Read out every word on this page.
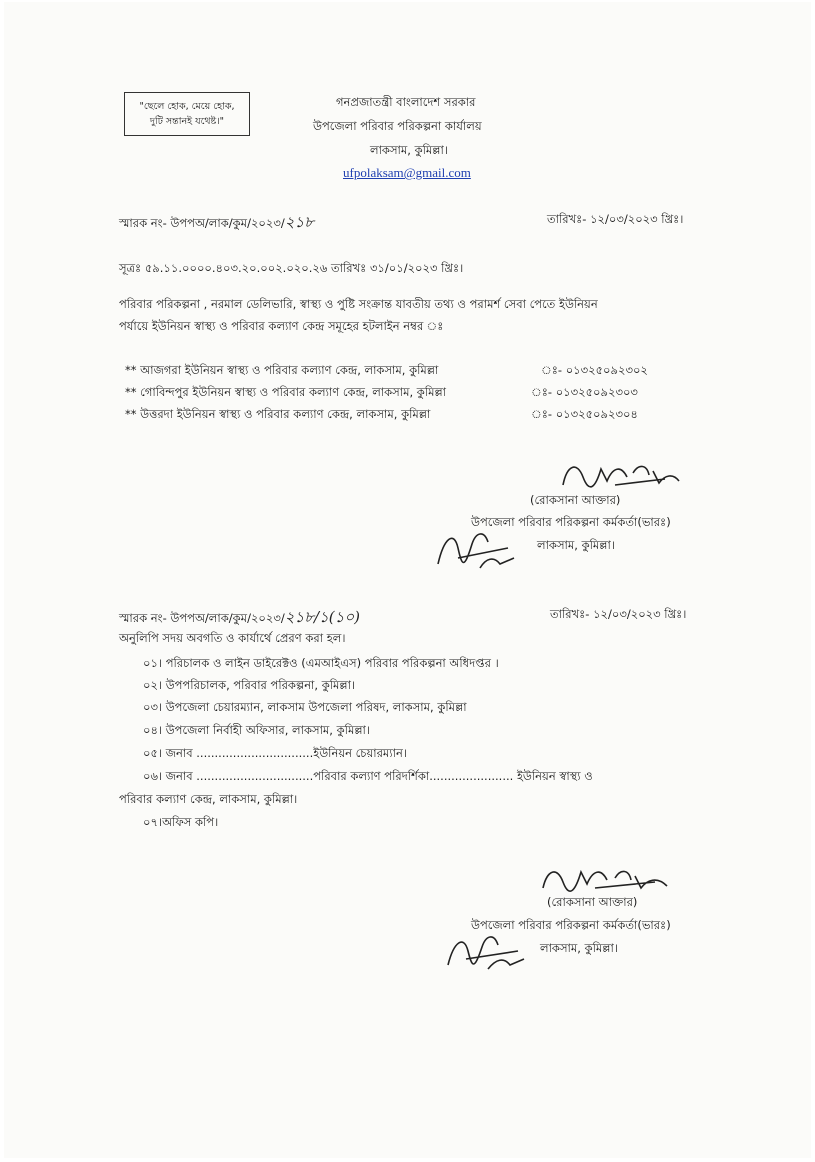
"ছেলে হোক, মেয়ে হোক,
দুটি সন্তানই যথেষ্ট।"
গনপ্রজাতন্ত্রী বাংলাদেশ সরকার
উপজেলা পরিবার পরিকল্পনা কার্যালয়
লাকসাম, কুমিল্লা।
ufpolaksam@gmail.com
স্মারক নং- উপপঅ/লাক/কুম/২০২৩/২১৮	তারিখঃ- ১২/০৩/২০২৩ খ্রিঃ।
সূত্রঃ ৫৯.১১.০০০০.৪০৩.২০.০০২.০২০.২৬ তারিখঃ ৩১/০১/২০২৩ খ্রিঃ।
পরিবার পরিকল্পনা , নরমাল ডেলিভারি, স্বাস্থ্য ও পুষ্টি সংক্রান্ত যাবতীয় তথ্য ও পরামর্শ সেবা পেতে ইউনিয়ন
পর্যায়ে ইউনিয়ন স্বাস্থ্য ও পরিবার কল্যাণ কেন্দ্র সমূহের হটলাইন নম্বর ঃ
** আজগরা ইউনিয়ন স্বাস্থ্য ও পরিবার কল্যাণ কেন্দ্র, লাকসাম, কুমিল্লা	ঃ- ০১৩২৫০৯২৩০২
** গোবিন্দপুর ইউনিয়ন স্বাস্থ্য ও পরিবার কল্যাণ কেন্দ্র, লাকসাম, কুমিল্লা	ঃ- ০১৩২৫০৯২৩০৩
** উত্তরদা ইউনিয়ন স্বাস্থ্য ও পরিবার কল্যাণ কেন্দ্র, লাকসাম, কুমিল্লা	ঃ- ০১৩২৫০৯২৩০৪
(রোকসানা আক্তার)
উপজেলা পরিবার পরিকল্পনা কর্মকর্তা(ভারঃ)
লাকসাম, কুমিল্লা।
স্মারক নং- উপপঅ/লাক/কুম/২০২৩/২১৮/১(১০)	তারিখঃ- ১২/০৩/২০২৩ খ্রিঃ।
অনুলিপি সদয় অবগতি ও কার্যার্থে প্রেরণ করা হল।
০১। পরিচালক ও লাইন ডাইরেক্টও (এমআইএস) পরিবার পরিকল্পনা অধিদপ্তর ।
০২। উপপরিচালক, পরিবার পরিকল্পনা, কুমিল্লা।
০৩। উপজেলা চেয়ারম্যান, লাকসাম উপজেলা পরিষদ, লাকসাম, কুমিল্লা
০৪। উপজেলা নির্বাহী অফিসার, লাকসাম, কুমিল্লা।
০৫। জনাব ................................ইউনিয়ন চেয়ারম্যান।
০৬। জনাব ................................পরিবার কল্যাণ পরিদর্শিকা....................... ইউনিয়ন স্বাস্থ্য ও
পরিবার কল্যাণ কেন্দ্র, লাকসাম, কুমিল্লা।
০৭।অফিস কপি।
(রোকসানা আক্তার)
উপজেলা পরিবার পরিকল্পনা কর্মকর্তা(ভারঃ)
লাকসাম, কুমিল্লা।
